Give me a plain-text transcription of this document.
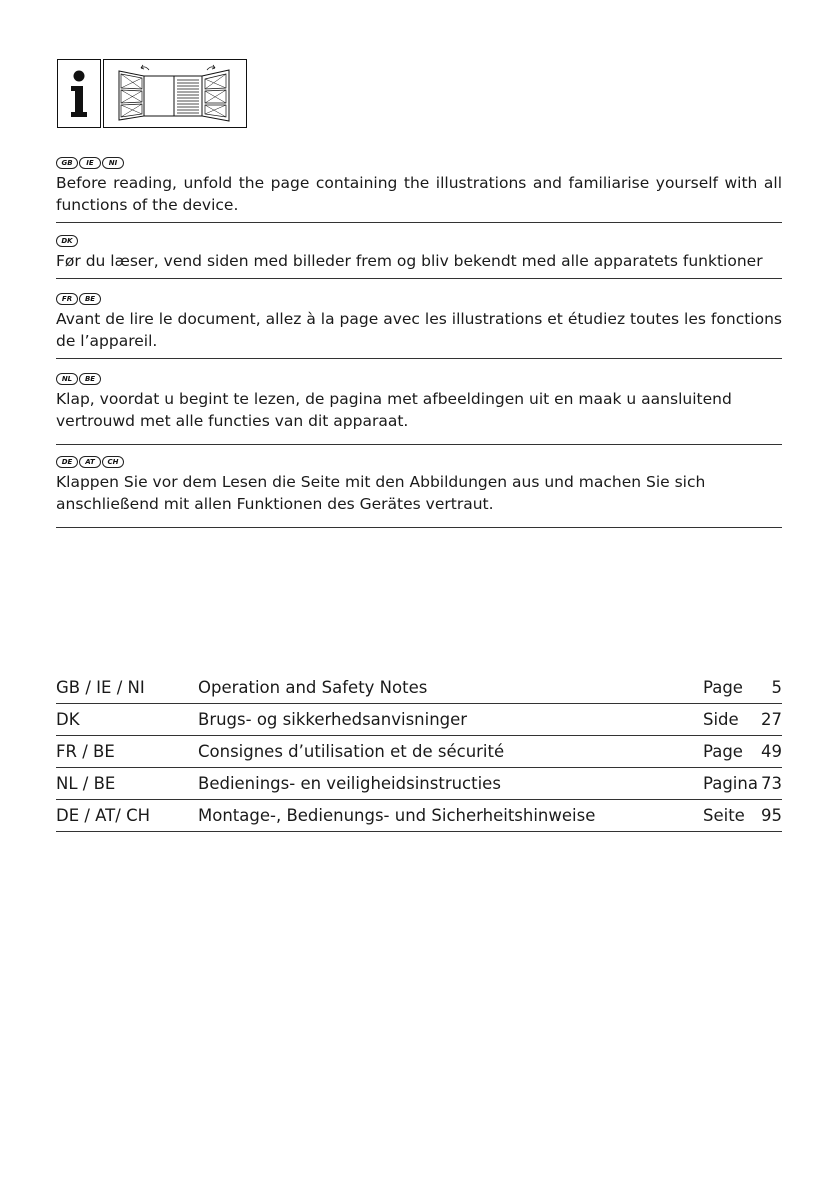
GB	IE	NI
Before reading, unfold the page containing the illustrations and familiarise yourself with all functions of the device.
DK
Før du læser, vend siden med billeder frem og bliv bekendt med alle apparatets funktioner
FR	BE
Avant de lire le document, allez à la page avec les illustrations et étudiez toutes les fonctions de l’appareil.
NL	BE
Klap, voordat u begint te lezen, de pagina met afbeeldingen uit en maak u aansluitend vertrouwd met alle functies van dit apparaat.
DE	AT	CH
Klappen Sie vor dem Lesen die Seite mit den Abbildungen aus und machen Sie sich anschließend mit allen Funktionen des Gerätes vertraut.
GB / IE / NI	Operation and Safety Notes	Page	5
DK	Brugs- og sikkerhedsanvisninger	Side	27
FR / BE	Consignes d’utilisation et de sécurité	Page	49
NL / BE	Bedienings- en veiligheidsinstructies	Pagina	73
DE / AT/ CH	Montage-, Bedienungs- und Sicherheitshinweise	Seite	95
